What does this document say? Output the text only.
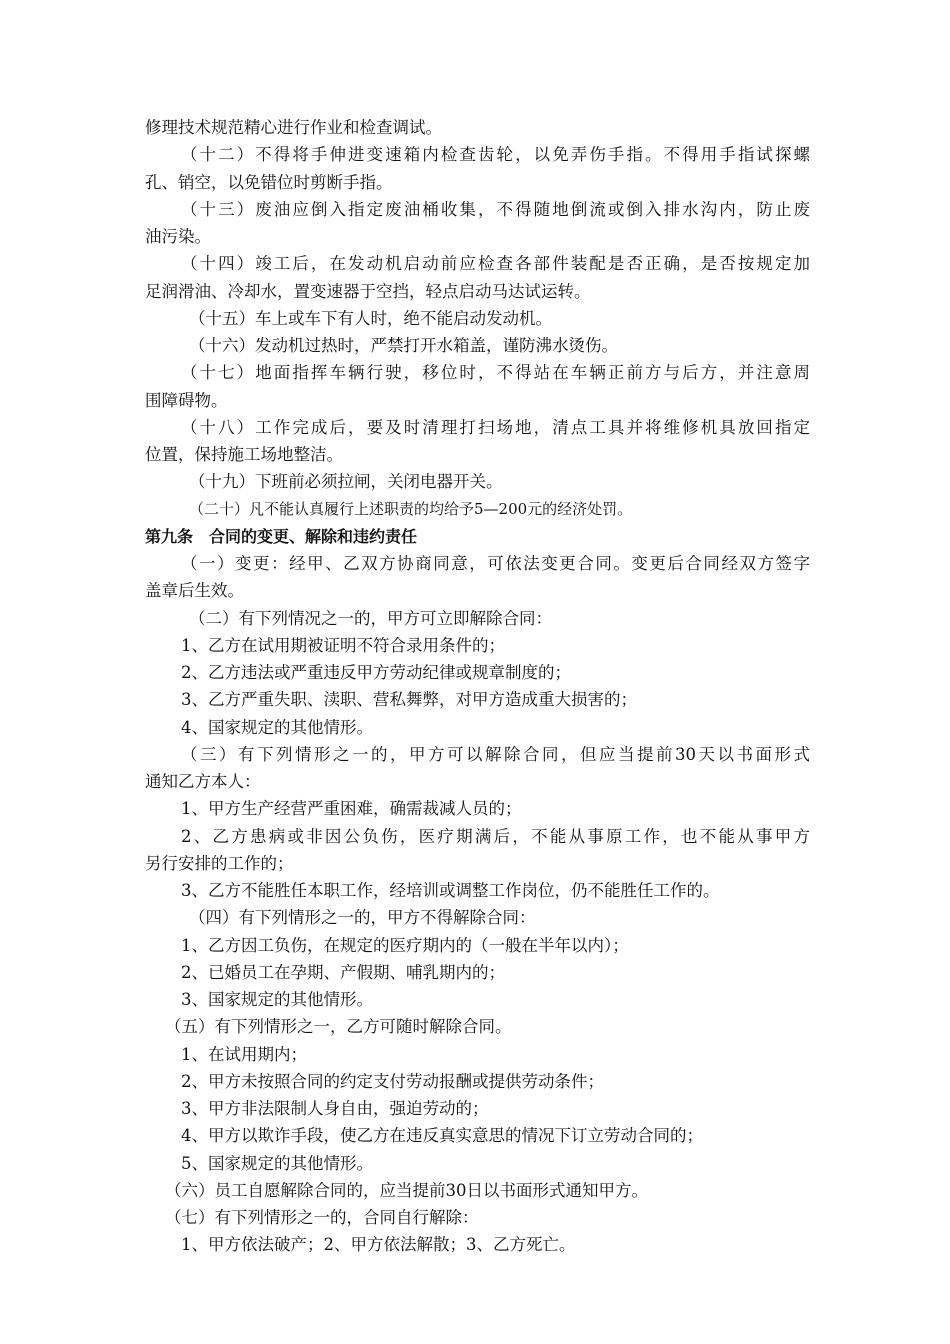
修理技术规范精心进行作业和检查调试。
（十二）不得将手伸进变速箱内检查齿轮，以免弄伤手指。不得用手指试探螺
孔、销空，以免错位时剪断手指。
（十三）废油应倒入指定废油桶收集，不得随地倒流或倒入排水沟内，防止废
油污染。
（十四）竣工后，在发动机启动前应检查各部件装配是否正确，是否按规定加
足润滑油、冷却水，置变速器于空挡，轻点启动马达试运转。
（十五）车上或车下有人时，绝不能启动发动机。
（十六）发动机过热时，严禁打开水箱盖，谨防沸水烫伤。
（十七）地面指挥车辆行驶，移位时，不得站在车辆正前方与后方，并注意周
围障碍物。
（十八）工作完成后，要及时清理打扫场地，清点工具并将维修机具放回指定
位置，保持施工场地整洁。
（十九）下班前必须拉闸，关闭电器开关。
（二十）凡不能认真履行上述职责的均给予5—200元的经济处罚。
第九条　合同的变更、解除和违约责任
（一）变更：经甲、乙双方协商同意，可依法变更合同。变更后合同经双方签字
盖章后生效。
（二）有下列情况之一的，甲方可立即解除合同：
1、乙方在试用期被证明不符合录用条件的；
2、乙方违法或严重违反甲方劳动纪律或规章制度的；
3、乙方严重失职、渎职、营私舞弊，对甲方造成重大损害的；
4、国家规定的其他情形。
（三）有下列情形之一的，甲方可以解除合同，但应当提前30天以书面形式
通知乙方本人：
1、甲方生产经营严重困难，确需裁减人员的；
2、乙方患病或非因公负伤，医疗期满后，不能从事原工作，也不能从事甲方
另行安排的工作的；
3、乙方不能胜任本职工作，经培训或调整工作岗位，仍不能胜任工作的。
（四）有下列情形之一的，甲方不得解除合同：
1、乙方因工负伤，在规定的医疗期内的（一般在半年以内）；
2、已婚员工在孕期、产假期、哺乳期内的；
3、国家规定的其他情形。
（五）有下列情形之一，乙方可随时解除合同。
1、在试用期内；
2、甲方未按照合同的约定支付劳动报酬或提供劳动条件；
3、甲方非法限制人身自由，强迫劳动的；
4、甲方以欺诈手段，使乙方在违反真实意思的情况下订立劳动合同的；
5、国家规定的其他情形。
（六）员工自愿解除合同的，应当提前30日以书面形式通知甲方。
（七）有下列情形之一的，合同自行解除：
1、甲方依法破产；2、甲方依法解散；3、乙方死亡。
